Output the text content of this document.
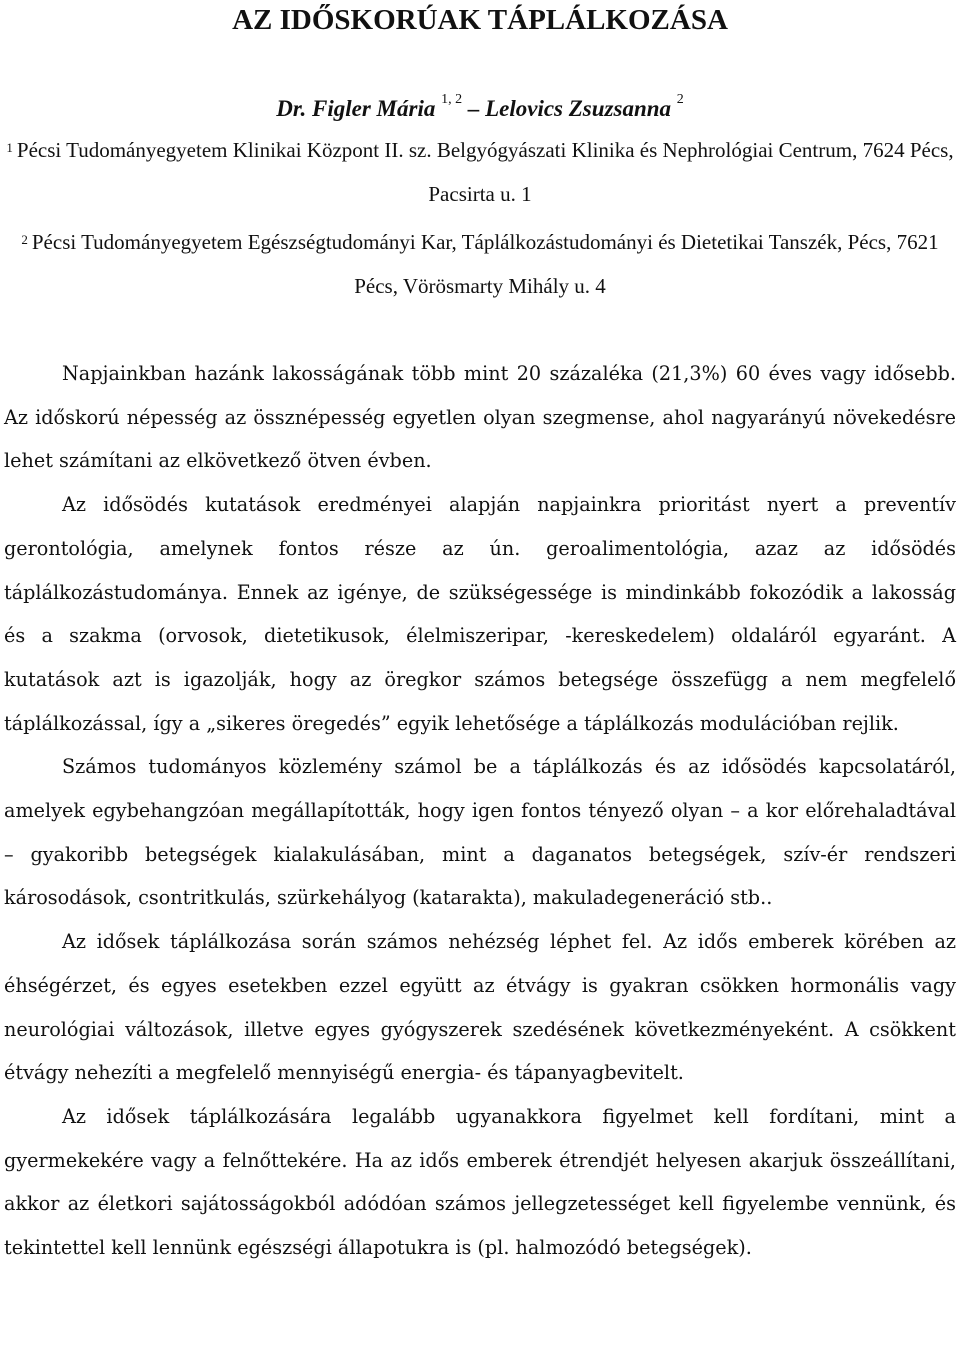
AZ IDŐSKORÚAK TÁPLÁLKOZÁSA
Dr. Figler Mária $^{1, 2}$ – Lelovics Zsuzsanna $^2$
$^1$ Pécsi Tudományegyetem Klinikai Központ II. sz. Belgyógyászati Klinika és Nephrológiai Centrum, 7624 Pécs, Pacsirta u. 1
$^2$ Pécsi Tudományegyetem Egészségtudományi Kar, Táplálkozástudományi és Dietetikai Tanszék, Pécs, 7621 Pécs, Vörösmarty Mihály u. 4

Napjainkban hazánk lakosságának több mint 20 százaléka (21,3%) 60 éves vagy idősebb. Az időskorú népesség az össznépesség egyetlen olyan szegmense, ahol nagyarányú növekedésre lehet számítani az elkövetkező ötven évben.

Az idősödés kutatások eredményei alapján napjainkra prioritást nyert a preventív gerontológia, amelynek fontos része az ún. geroalimentológia, azaz az idősödés táplálkozástudománya. Ennek az igénye, de szükségessége is mindinkább fokozódik a lakosság és a szakma (orvosok, dietetikusok, élelmiszeripar, -kereskedelem) oldaláról egyaránt. A kutatások azt is igazolják, hogy az öregkor számos betegsége összefügg a nem megfelelő táplálkozással, így a „sikeres öregedés” egyik lehetősége a táplálkozás modulációban rejlik.

Számos tudományos közlemény számol be a táplálkozás és az idősödés kapcsolatáról, amelyek egybehangzóan megállapították, hogy igen fontos tényező olyan – a kor előrehaladtával – gyakoribb betegségek kialakulásában, mint a daganatos betegségek, szív-ér rendszeri károsodások, csontritkulás, szürkehályog (katarakta), makuladegeneráció stb..

Az idősek táplálkozása során számos nehézség léphet fel. Az idős emberek körében az éhségérzet, és egyes esetekben ezzel együtt az étvágy is gyakran csökken hormonális vagy neurológiai változások, illetve egyes gyógyszerek szedésének következményeként. A csökkent étvágy nehezíti a megfelelő mennyiségű energia- és tápanyagbevitelt.

Az idősek táplálkozására legalább ugyanakkora figyelmet kell fordítani, mint a gyermekekére vagy a felnőttekére. Ha az idős emberek étrendjét helyesen akarjuk összeállítani, akkor az életkori sajátosságokból adódóan számos jellegzetességet kell figyelembe vennünk, és tekintettel kell lennünk egészségi állapotukra is (pl. halmozódó betegségek).
